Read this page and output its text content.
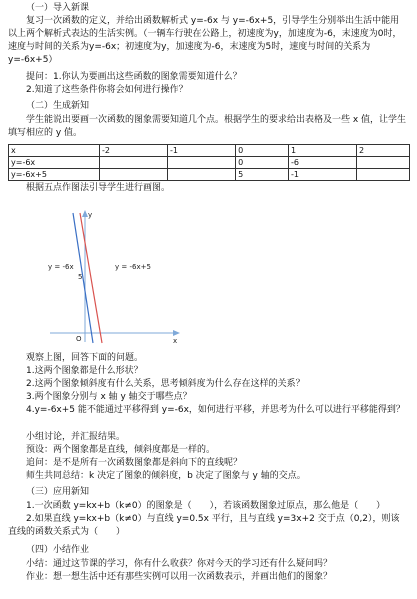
（一）导入新课

复习一次函数的定义，并给出函数解析式 y=-6x 与 y=-6x+5，引导学生分别举出生活中能用以上两个解析式表达的生活实例。（一辆车行驶在公路上，初速度为y，加速度为-6，末速度为0时，速度与时间的关系为y=-6x；初速度为y，加速度为-6，末速度为5时，速度与时间的关系为y=-6x+5）

提问：1.你认为要画出这些函数的图象需要知道什么？

2.知道了这些条件你将会如何进行操作？

（二）生成新知

学生能说出要画一次函数的图象需要知道几个点。根据学生的要求给出表格及一些 x 值，让学生填写相应的 y 值。

x	-2	-1	0	1	2
y=-6x			0	-6	
y=-6x+5			5	-1	

根据五点作图法引导学生进行画图。

y = -6x	y = -6x+5
y
x
O
5

观察上图，回答下面的问题。

1.这两个图象都是什么形状？

2.这两个图象倾斜度有什么关系，思考倾斜度为什么存在这样的关系？

3.两个图象分别与 x 轴 y 轴交于哪些点？

4.y=-6x+5 能不能通过平移得到 y=-6x，如何进行平移，并思考为什么可以进行平移能得到？

小组讨论，并汇报结果。

预设：两个图象都是直线，倾斜度都是一样的。

追问：是不是所有一次函数图象都是斜向下的直线呢？

师生共同总结：k 决定了图象的倾斜度，b 决定了图象与 y 轴的交点。

（三）应用新知

1.一次函数 y=kx+b（k≠0）的图象是（　　），若该函数图象过原点，那么他是（　　）

2.如果直线 y=kx+b（k≠0）与直线 y=0.5x 平行，且与直线 y=3x+2 交于点（0,2），则该直线的函数关系式为（　　）

（四）小结作业

小结：通过这节课的学习，你有什么收获？你对今天的学习还有什么疑问吗？

作业：想一想生活中还有那些实例可以用一次函数表示，并画出他们的图象？
